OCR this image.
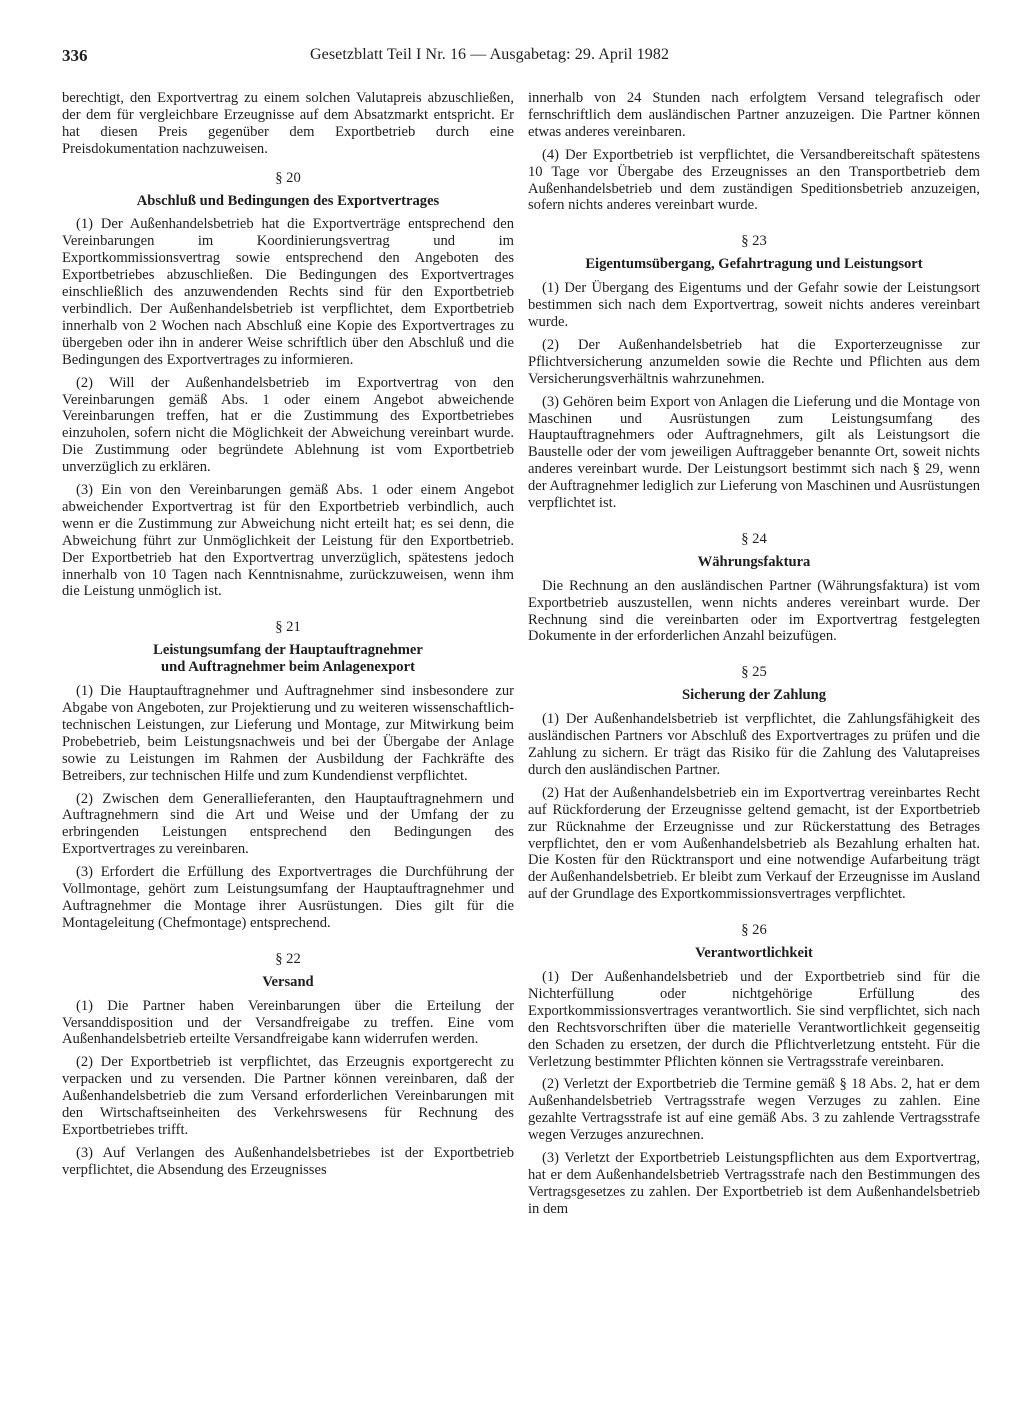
336	Gesetzblatt Teil I Nr. 16 — Ausgabetag: 29. April 1982

berechtigt, den Exportvertrag zu einem solchen Valutapreis abzuschließen, der dem für vergleichbare Erzeugnisse auf dem Absatzmarkt entspricht. Er hat diesen Preis gegenüber dem Exportbetrieb durch eine Preisdokumentation nachzuweisen.

§ 20
Abschluß und Bedingungen des Exportvertrages

(1) Der Außenhandelsbetrieb hat die Exportverträge entsprechend den Vereinbarungen im Koordinierungsvertrag und im Exportkommissionsvertrag sowie entsprechend den Angeboten des Exportbetriebes abzuschließen. Die Bedingungen des Exportvertrages einschließlich des anzuwendenden Rechts sind für den Exportbetrieb verbindlich. Der Außenhandelsbetrieb ist verpflichtet, dem Exportbetrieb innerhalb von 2 Wochen nach Abschluß eine Kopie des Exportvertrages zu übergeben oder ihn in anderer Weise schriftlich über den Abschluß und die Bedingungen des Exportvertrages zu informieren.

(2) Will der Außenhandelsbetrieb im Exportvertrag von den Vereinbarungen gemäß Abs. 1 oder einem Angebot abweichende Vereinbarungen treffen, hat er die Zustimmung des Exportbetriebes einzuholen, sofern nicht die Möglichkeit der Abweichung vereinbart wurde. Die Zustimmung oder begründete Ablehnung ist vom Exportbetrieb unverzüglich zu erklären.

(3) Ein von den Vereinbarungen gemäß Abs. 1 oder einem Angebot abweichender Exportvertrag ist für den Exportbetrieb verbindlich, auch wenn er die Zustimmung zur Abweichung nicht erteilt hat; es sei denn, die Abweichung führt zur Unmöglichkeit der Leistung für den Exportbetrieb. Der Exportbetrieb hat den Exportvertrag unverzüglich, spätestens jedoch innerhalb von 10 Tagen nach Kenntnisnahme, zurückzuweisen, wenn ihm die Leistung unmöglich ist.

§ 21
Leistungsumfang der Hauptauftragnehmer
und Auftragnehmer beim Anlagenexport

(1) Die Hauptauftragnehmer und Auftragnehmer sind insbesondere zur Abgabe von Angeboten, zur Projektierung und zu weiteren wissenschaftlich-technischen Leistungen, zur Lieferung und Montage, zur Mitwirkung beim Probebetrieb, beim Leistungsnachweis und bei der Übergabe der Anlage sowie zu Leistungen im Rahmen der Ausbildung der Fachkräfte des Betreibers, zur technischen Hilfe und zum Kundendienst verpflichtet.

(2) Zwischen dem Generallieferanten, den Hauptauftragnehmern und Auftragnehmern sind die Art und Weise und der Umfang der zu erbringenden Leistungen entsprechend den Bedingungen des Exportvertrages zu vereinbaren.

(3) Erfordert die Erfüllung des Exportvertrages die Durchführung der Vollmontage, gehört zum Leistungsumfang der Hauptauftragnehmer und Auftragnehmer die Montage ihrer Ausrüstungen. Dies gilt für die Montageleitung (Chefmontage) entsprechend.

§ 22
Versand

(1) Die Partner haben Vereinbarungen über die Erteilung der Versanddisposition und der Versandfreigabe zu treffen. Eine vom Außenhandelsbetrieb erteilte Versandfreigabe kann widerrufen werden.

(2) Der Exportbetrieb ist verpflichtet, das Erzeugnis exportgerecht zu verpacken und zu versenden. Die Partner können vereinbaren, daß der Außenhandelsbetrieb die zum Versand erforderlichen Vereinbarungen mit den Wirtschaftseinheiten des Verkehrswesens für Rechnung des Exportbetriebes trifft.

(3) Auf Verlangen des Außenhandelsbetriebes ist der Exportbetrieb verpflichtet, die Absendung des Erzeugnisses

innerhalb von 24 Stunden nach erfolgtem Versand telegrafisch oder fernschriftlich dem ausländischen Partner anzuzeigen. Die Partner können etwas anderes vereinbaren.

(4) Der Exportbetrieb ist verpflichtet, die Versandbereitschaft spätestens 10 Tage vor Übergabe des Erzeugnisses an den Transportbetrieb dem Außenhandelsbetrieb und dem zuständigen Speditionsbetrieb anzuzeigen, sofern nichts anderes vereinbart wurde.

§ 23
Eigentumsübergang, Gefahrtragung und Leistungsort

(1) Der Übergang des Eigentums und der Gefahr sowie der Leistungsort bestimmen sich nach dem Exportvertrag, soweit nichts anderes vereinbart wurde.

(2) Der Außenhandelsbetrieb hat die Exporterzeugnisse zur Pflichtversicherung anzumelden sowie die Rechte und Pflichten aus dem Versicherungsverhältnis wahrzunehmen.

(3) Gehören beim Export von Anlagen die Lieferung und die Montage von Maschinen und Ausrüstungen zum Leistungsumfang des Hauptauftragnehmers oder Auftragnehmers, gilt als Leistungsort die Baustelle oder der vom jeweiligen Auftraggeber benannte Ort, soweit nichts anderes vereinbart wurde. Der Leistungsort bestimmt sich nach § 29, wenn der Auftragnehmer lediglich zur Lieferung von Maschinen und Ausrüstungen verpflichtet ist.

§ 24
Währungsfaktura

Die Rechnung an den ausländischen Partner (Währungsfaktura) ist vom Exportbetrieb auszustellen, wenn nichts anderes vereinbart wurde. Der Rechnung sind die vereinbarten oder im Exportvertrag festgelegten Dokumente in der erforderlichen Anzahl beizufügen.

§ 25
Sicherung der Zahlung

(1) Der Außenhandelsbetrieb ist verpflichtet, die Zahlungsfähigkeit des ausländischen Partners vor Abschluß des Exportvertrages zu prüfen und die Zahlung zu sichern. Er trägt das Risiko für die Zahlung des Valutapreises durch den ausländischen Partner.

(2) Hat der Außenhandelsbetrieb ein im Exportvertrag vereinbartes Recht auf Rückforderung der Erzeugnisse geltend gemacht, ist der Exportbetrieb zur Rücknahme der Erzeugnisse und zur Rückerstattung des Betrages verpflichtet, den er vom Außenhandelsbetrieb als Bezahlung erhalten hat. Die Kosten für den Rücktransport und eine notwendige Aufarbeitung trägt der Außenhandelsbetrieb. Er bleibt zum Verkauf der Erzeugnisse im Ausland auf der Grundlage des Exportkommissionsvertrages verpflichtet.

§ 26
Verantwortlichkeit

(1) Der Außenhandelsbetrieb und der Exportbetrieb sind für die Nichterfüllung oder nichtgehörige Erfüllung des Exportkommissionsvertrages verantwortlich. Sie sind verpflichtet, sich nach den Rechtsvorschriften über die materielle Verantwortlichkeit gegenseitig den Schaden zu ersetzen, der durch die Pflichtverletzung entsteht. Für die Verletzung bestimmter Pflichten können sie Vertragsstrafe vereinbaren.

(2) Verletzt der Exportbetrieb die Termine gemäß § 18 Abs. 2, hat er dem Außenhandelsbetrieb Vertragsstrafe wegen Verzuges zu zahlen. Eine gezahlte Vertragsstrafe ist auf eine gemäß Abs. 3 zu zahlende Vertragsstrafe wegen Verzuges anzurechnen.

(3) Verletzt der Exportbetrieb Leistungspflichten aus dem Exportvertrag, hat er dem Außenhandelsbetrieb Vertragsstrafe nach den Bestimmungen des Vertragsgesetzes zu zahlen. Der Exportbetrieb ist dem Außenhandelsbetrieb in dem
